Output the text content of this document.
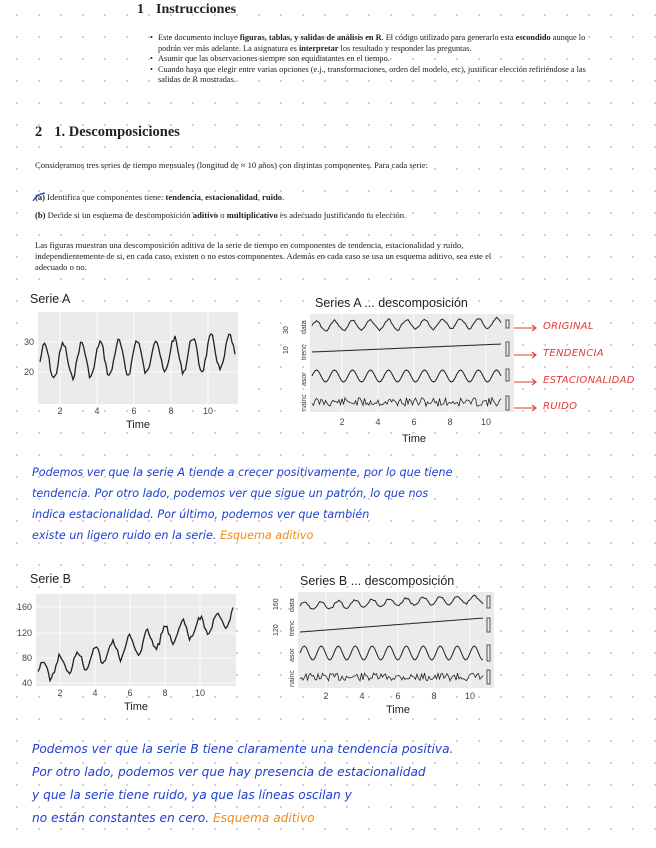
1 Instrucciones
• Este documento incluye figuras, tablas, y salidas de análisis en R. El código utilizado para generarlo esta escondido aunque lo podrán ver más adelante. La asignatura es interpretar los resultado y responder las preguntas.
• Asumir que las observaciones siempre son equidistantes en el tiempo.
• Cuando haya que elegir entre varias opciones (e.j., transformaciones, orden del modelo, etc), justificar elección refiriéndose a las salidas de R mostradas.
2 1. Descomposiciones
Consideramos tres series de tiempo mensuales (longitud de ≈ 10 años) con distintas componentes. Para cada serie:
(a) Identifica que componentes tiene: tendencia, estacionalidad, ruido.
(b) Decide si un esquema de descomposición aditivo o multiplicativo es adecuado justificando tu elección.
Las figuras muestran una descomposición aditiva de la serie de tiempo en componentes de tendencia, estacionalidad y ruido, independientemente de si, en cada caso, existen o no estos componentes. Además en cada caso se usa un esquema aditivo, sea este el adecuado o no.
Serie A
30
20
2	4	6	8	10
Time
Series A ... descomposición
data
trenc
asor
nainc
30
10
2	4	6	8	10
Time
ORIGINAL
TENDENCIA
ESTACIONALIDAD
RUIDO
Podemos ver que la serie A tiende a crecer positivamente, por lo que tiene
tendencia. Por otro lado, podemos ver que sigue un patrón, lo que nos
indica estacionalidad. Por último, podemos ver que también
existe un ligero ruido en la serie. Esquema aditivo
Serie B
160
120
80
40
2	4	6	8	10
Time
Series B ... descomposición
data
trenc
asor
nainc
160
120
2	4	6	8	10
Time
Podemos ver que la serie B tiene claramente una tendencia positiva.
Por otro lado, podemos ver que hay presencia de estacionalidad
y que la serie tiene ruido, ya que las líneas oscilan y
no están constantes en cero. Esquema aditivo
